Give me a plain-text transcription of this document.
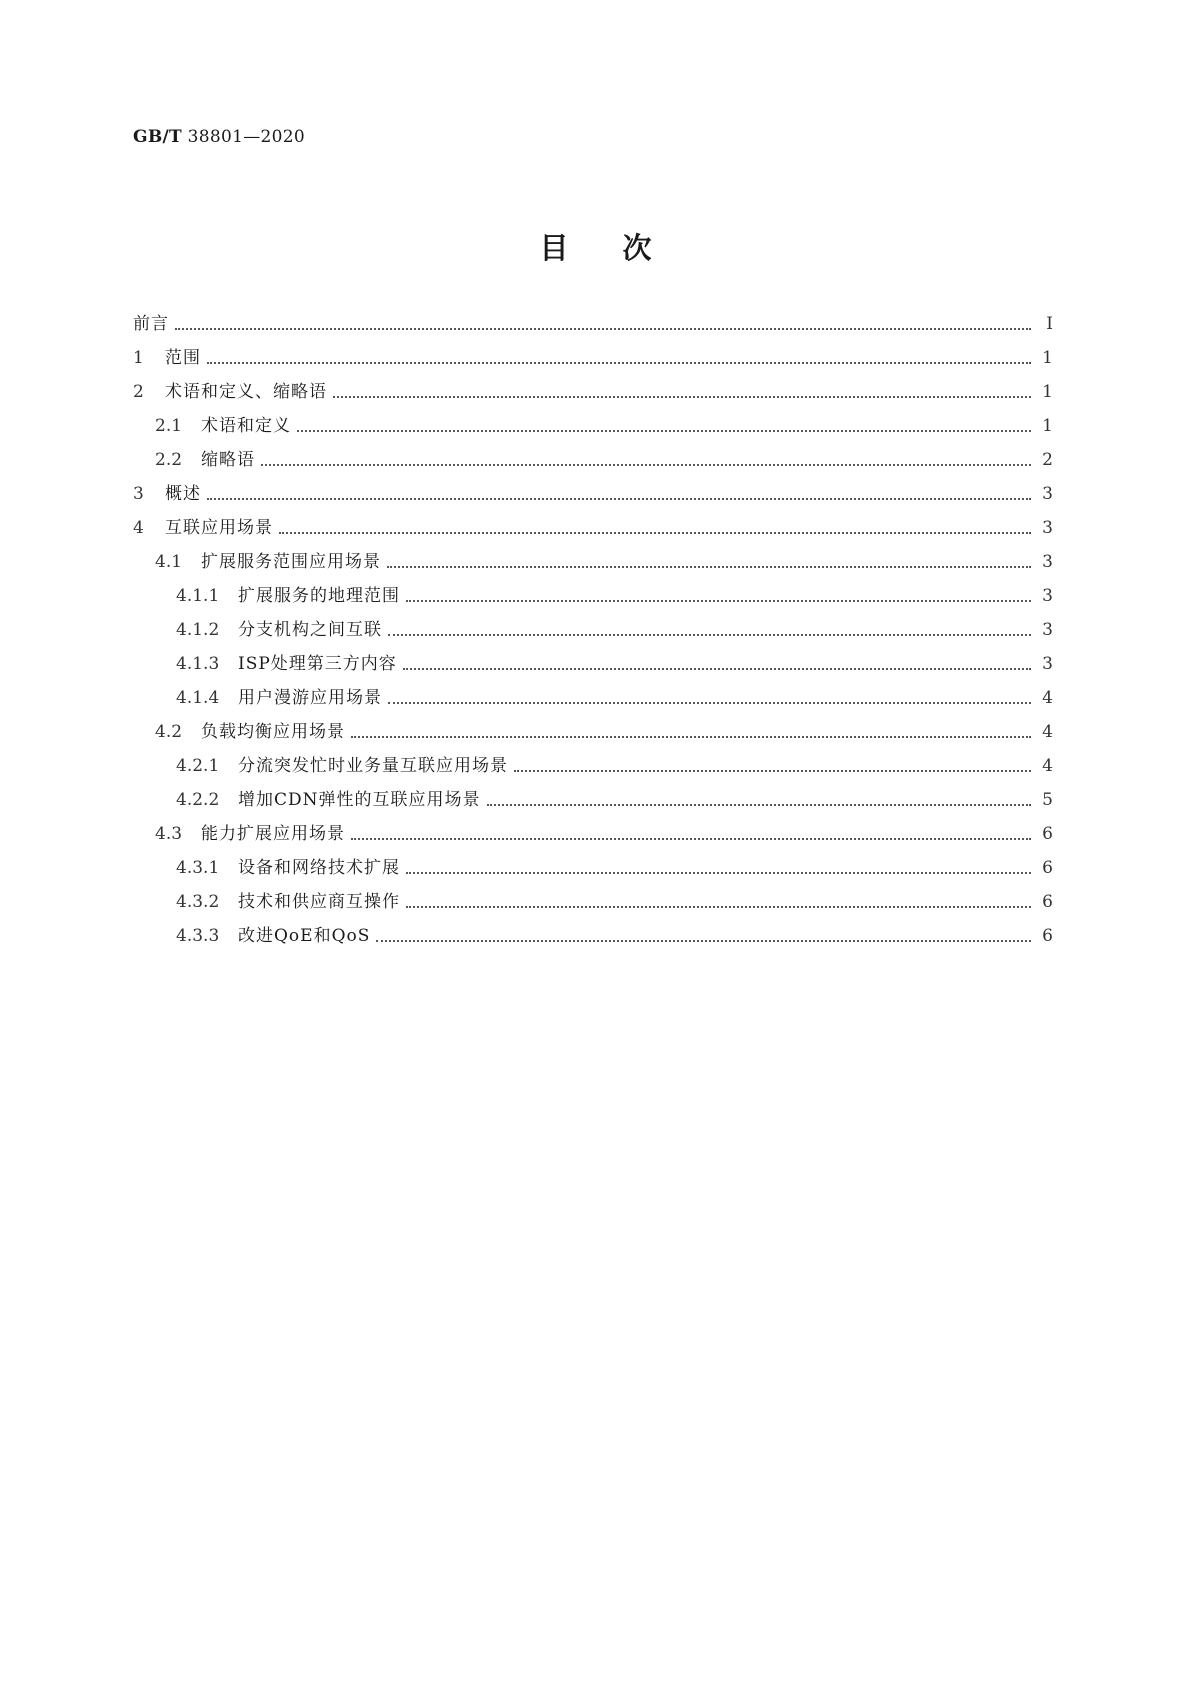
GB/T 38801—2020
目次
前言	Ⅰ
1	范围	1
2	术语和定义、缩略语	1
2.1	术语和定义	1
2.2	缩略语	2
3	概述	3
4	互联应用场景	3
4.1	扩展服务范围应用场景	3
4.1.1	扩展服务的地理范围	3
4.1.2	分支机构之间互联	3
4.1.3	ISP处理第三方内容	3
4.1.4	用户漫游应用场景	4
4.2	负载均衡应用场景	4
4.2.1	分流突发忙时业务量互联应用场景	4
4.2.2	增加CDN弹性的互联应用场景	5
4.3	能力扩展应用场景	6
4.3.1	设备和网络技术扩展	6
4.3.2	技术和供应商互操作	6
4.3.3	改进QoE和QoS	6
